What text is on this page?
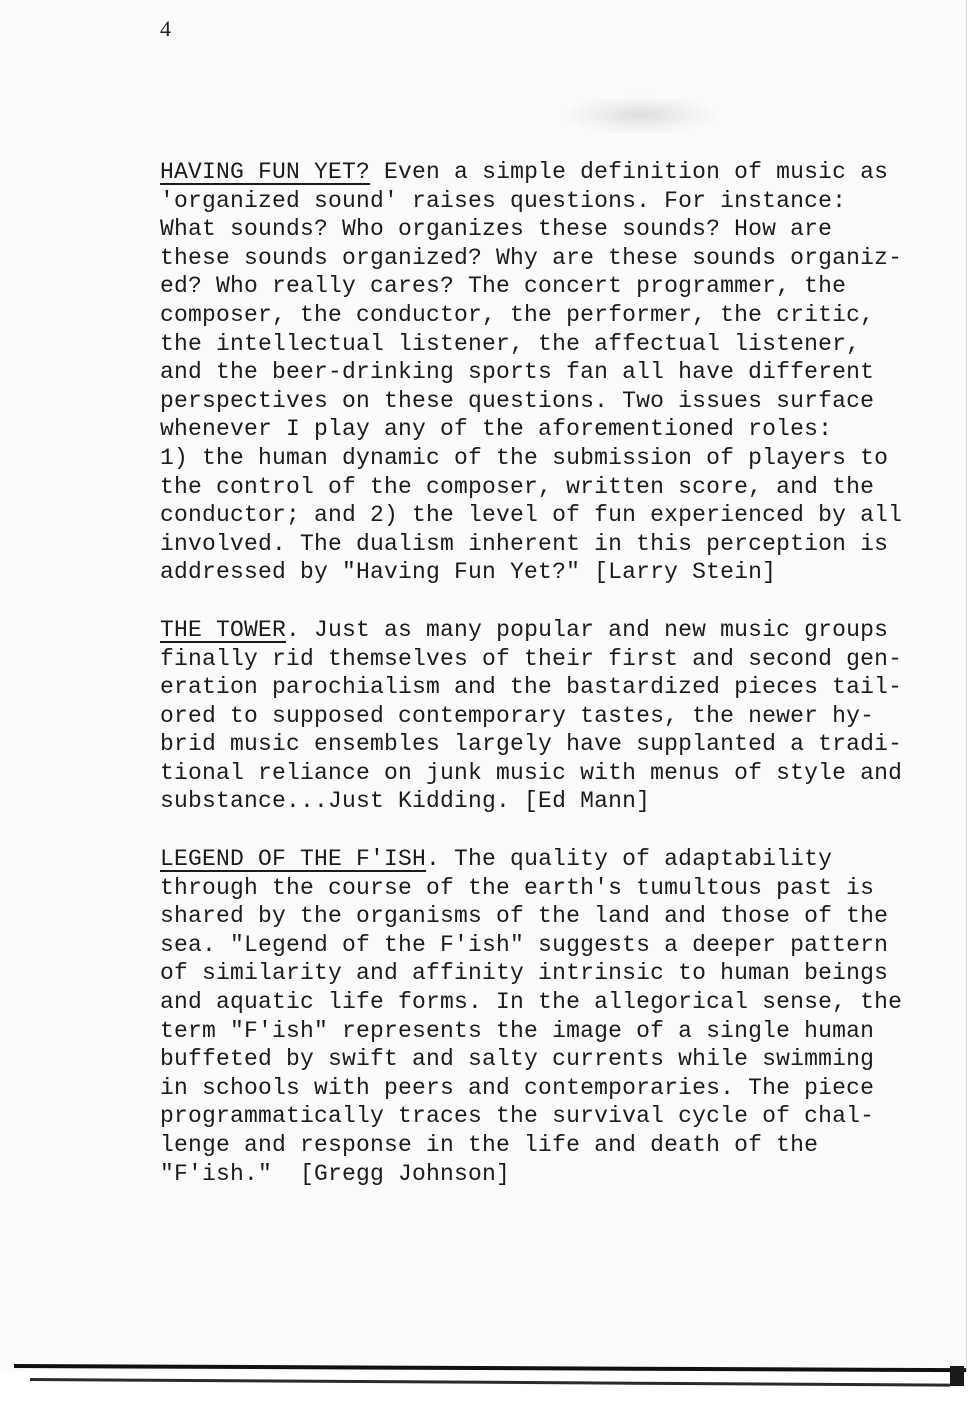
4
HAVING FUN YET? Even a simple definition of music as
'organized sound' raises questions. For instance:
What sounds? Who organizes these sounds? How are
these sounds organized? Why are these sounds organiz-
ed? Who really cares? The concert programmer, the
composer, the conductor, the performer, the critic,
the intellectual listener, the affectual listener,
and the beer-drinking sports fan all have different
perspectives on these questions. Two issues surface
whenever I play any of the aforementioned roles:
1) the human dynamic of the submission of players to
the control of the composer, written score, and the
conductor; and 2) the level of fun experienced by all
involved. The dualism inherent in this perception is
addressed by "Having Fun Yet?" [Larry Stein]
THE TOWER. Just as many popular and new music groups
finally rid themselves of their first and second gen-
eration parochialism and the bastardized pieces tail-
ored to supposed contemporary tastes, the newer hy-
brid music ensembles largely have supplanted a tradi-
tional reliance on junk music with menus of style and
substance...Just Kidding. [Ed Mann]
LEGEND OF THE F'ISH. The quality of adaptability
through the course of the earth's tumultous past is
shared by the organisms of the land and those of the
sea. "Legend of the F'ish" suggests a deeper pattern
of similarity and affinity intrinsic to human beings
and aquatic life forms. In the allegorical sense, the
term "F'ish" represents the image of a single human
buffeted by swift and salty currents while swimming
in schools with peers and contemporaries. The piece
programmatically traces the survival cycle of chal-
lenge and response in the life and death of the
"F'ish."  [Gregg Johnson]
